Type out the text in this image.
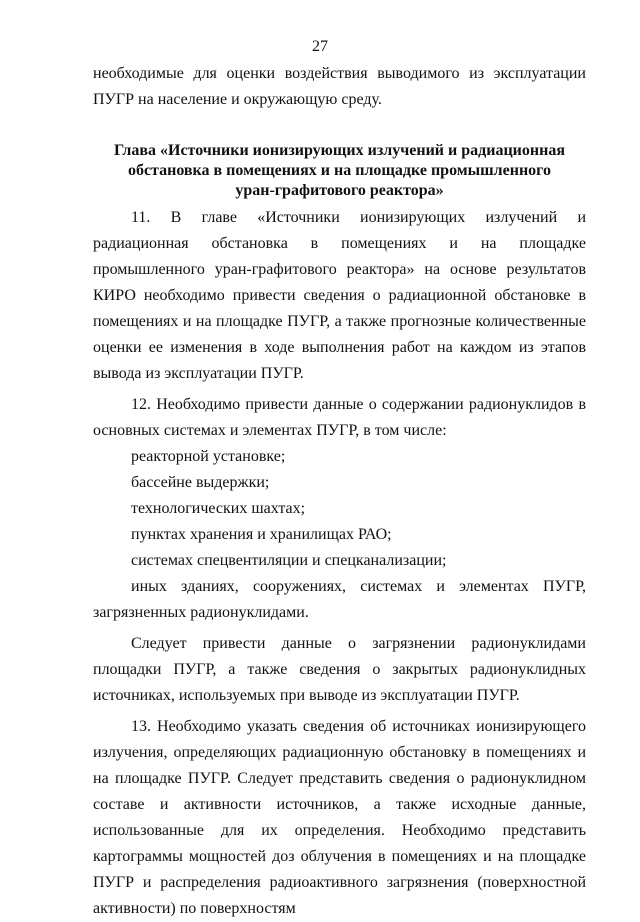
27

необходимые для оценки воздействия выводимого из эксплуатации ПУГР на население и окружающую среду.

Глава «Источники ионизирующих излучений и радиационная обстановка в помещениях и на площадке промышленного уран-графитового реактора»

11. В главе «Источники ионизирующих излучений и радиационная обстановка в помещениях и на площадке промышленного уран-графитового реактора» на основе результатов КИРО необходимо привести сведения о радиационной обстановке в помещениях и на площадке ПУГР, а также прогнозные количественные оценки ее изменения в ходе выполнения работ на каждом из этапов вывода из эксплуатации ПУГР.

12. Необходимо привести данные о содержании радионуклидов в основных системах и элементах ПУГР, в том числе:

реакторной установке;

бассейне выдержки;

технологических шахтах;

пунктах хранения и хранилищах РАО;

системах спецвентиляции и спецканализации;

иных зданиях, сооружениях, системах и элементах ПУГР, загрязненных радионуклидами.

Следует привести данные о загрязнении радионуклидами площадки ПУГР, а также сведения о закрытых радионуклидных источниках, используемых при выводе из эксплуатации ПУГР.

13. Необходимо указать сведения об источниках ионизирующего излучения, определяющих радиационную обстановку в помещениях и на площадке ПУГР. Следует представить сведения о радионуклидном составе и активности источников, а также исходные данные, использованные для их определения. Необходимо представить картограммы мощностей доз облучения в помещениях и на площадке ПУГР и распределения радиоактивного загрязнения (поверхностной активности) по поверхностям
